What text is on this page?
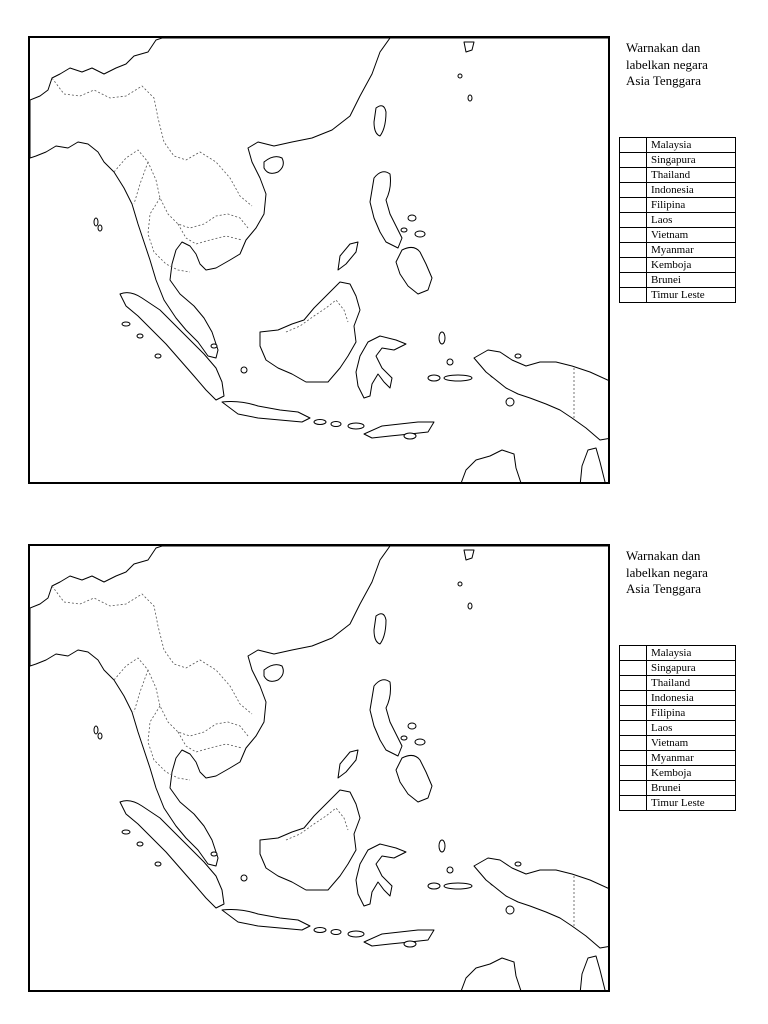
Warnakan dan
labelkan negara
Asia Tenggara
	Malaysia
	Singapura
	Thailand
	Indonesia
	Filipina
	Laos
	Vietnam
	Myanmar
	Kemboja
	Brunei
	Timur Leste
Warnakan dan
labelkan negara
Asia Tenggara
	Malaysia
	Singapura
	Thailand
	Indonesia
	Filipina
	Laos
	Vietnam
	Myanmar
	Kemboja
	Brunei
	Timur Leste
